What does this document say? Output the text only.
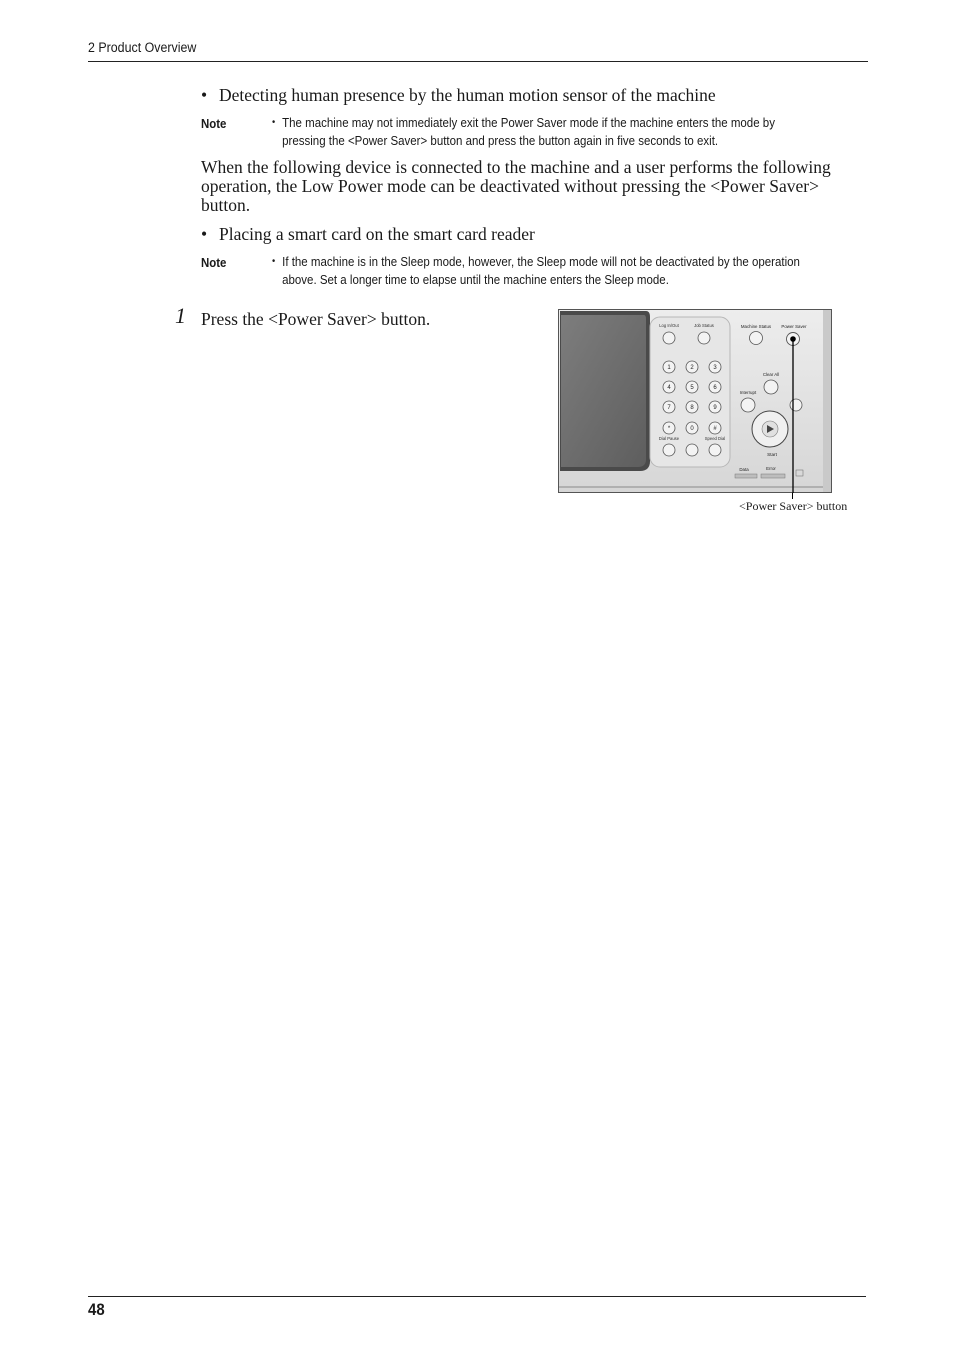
2 Product Overview
• Detecting human presence by the human motion sensor of the machine
Note	• The machine may not immediately exit the Power Saver mode if the machine enters the mode by
pressing the <Power Saver> button and press the button again in five seconds to exit.
When the following device is connected to the machine and a user performs the following
operation, the Low Power mode can be deactivated without pressing the <Power Saver>
button.
• Placing a smart card on the smart card reader
Note	• If the machine is in the Sleep mode, however, the Sleep mode will not be deactivated by the operation
above. Set a longer time to elapse until the machine enters the Sleep mode.
1 Press the <Power Saver> button.	Log In/Out	Job Status
1	2	3
4	5	6
7	8	9
*	0	#
Dial Pause	Speed Dial
Machine Status Power Saver
Clear All
Interrupt
Start
Data	Error
<Power Saver> button
48
